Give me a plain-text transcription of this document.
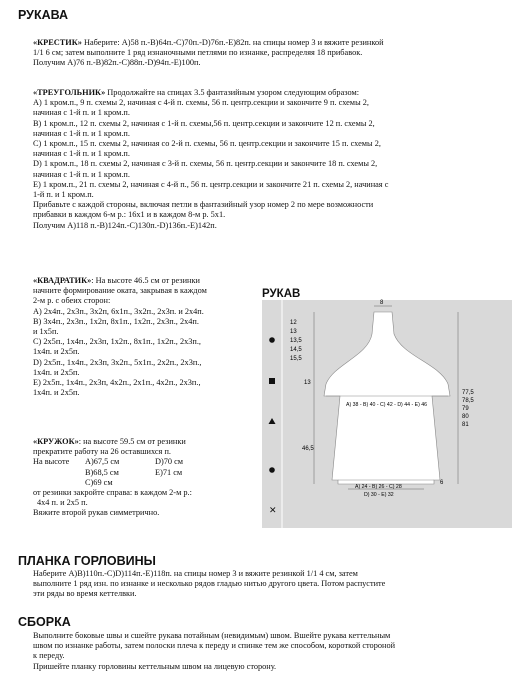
РУКАВА

«КРЕСТИК» Наберите: A)58 п.-B)64п.-C)70п.-D)76п.-E)82п. на спицы номер 3 и вяжите резинкой

1/1 6 см; затем выполните 1 ряд изнаночными петлями по изнанке, распределяя 18 прибавок.

Получим A)76 п.-B)82п.-C)88п.-D)94п.-E)100п.

«ТРЕУГОЛЬНИК» Продолжайте на спицах 3.5 фантазийным узором следующим образом:

A) 1 кром.п., 9 п. схемы 2, начиная с 4-й п. схемы, 56 п. центр.секции и закончите 9 п. схемы 2,

начиная с 1-й п. и 1 кром.п.

B) 1 кром.п., 12 п. схемы 2, начиная с 1-й п. схемы,56 п. центр.секции и закончите 12 п. схемы 2,

начиная с 1-й п. и 1 кром.п.

C) 1 кром.п., 15 п. схемы 2, начиная со 2-й п. схемы, 56 п. центр.секции и закончите 15 п. схемы 2,

начиная с 1-й п. и 1 кром.п.

D) 1 кром.п., 18 п. схемы 2, начиная с 3-й п. схемы, 56 п. центр.секции и закончите 18 п. схемы 2,

начиная с 1-й п. и 1 кром.п.

E) 1 кром.п., 21 п. схемы 2, начиная с 4-й п., 56 п. центр.секции и закончите 21 п. схемы 2, начиная с

1-й п. и 1 кром.п.

Прибавьте с каждой стороны, включая петли в фантазийный узор номер 2 по мере возможности

прибавки в каждом 6-м р.: 16х1 и в каждом 8-м р. 5х1.

Получим A)118 п.-B)124п.-C)130п.-D)136п.-E)142п.

«КВАДРАТИК»: На высоте 46.5 см от резинки

начните формирование оката, закрывая в каждом

2-м р. с обеих сторон:

A) 2х4п., 2х3п., 3х2п, 6х1п., 3х2п., 2х3п. и 2х4п.

B) 3х4п., 2х3п., 1х2п, 8х1п., 1х2п., 2х3п., 2х4п.

и 1х5п.

C) 2х5п., 1х4п., 2х3п, 1х2п., 8х1п., 1х2п., 2х3п.,

1х4п. и 2х5п.

D) 2х5п., 1х4п., 2х3п, 3х2п., 5х1п., 2х2п., 2х3п.,

1х4п. и 2х5п.

E) 2х5п., 1х4п., 2х3п, 4х2п., 2х1п., 4х2п., 2х3п.,

1х4п. и 2х5п.

«КРУЖОК»: на высоте 59.5 см от резинки

прекратите работу на 26 оставшихся п.

На высоте	A)67,5 см	D)70 см
	B)68,5 см	E)71 см
	C)69 см	

от резинки закройте справа: в каждом 2-м р.:

4х4 п. и 2х5 п.

Вяжите второй рукав симметрично.

РУКАВ
✕
8
12
13
13,5
14,5
15,5
13
46,5
77,5
78,5
79
80
81
A) 38 - B) 40 - C) 42 - D) 44 - E) 46
A) 24 - B) 26 - C) 28
D) 30 - E) 32
6
ПЛАНКА ГОРЛОВИНЫ

Наберите A)B)110п.-C)D)114п.-E)118п. на спицы номер 3 и вяжите резинкой 1/1 4 см, затем

выполните 1 ряд изн. по изнанке и несколько рядов гладью нитью другого цвета. Потом распустите

эти ряды во время кеттелвки.

СБОРКА

Выполните боковые швы и сшейте рукава потайным (невидимым) швом. Вшейте рукава кеттельным

швом по изнанке работы, затем полоски плеча к переду и спинке тем же способом, короткой стороной

к переду.

Пришейте планку горловины кеттельным швом на лицевую сторону.
